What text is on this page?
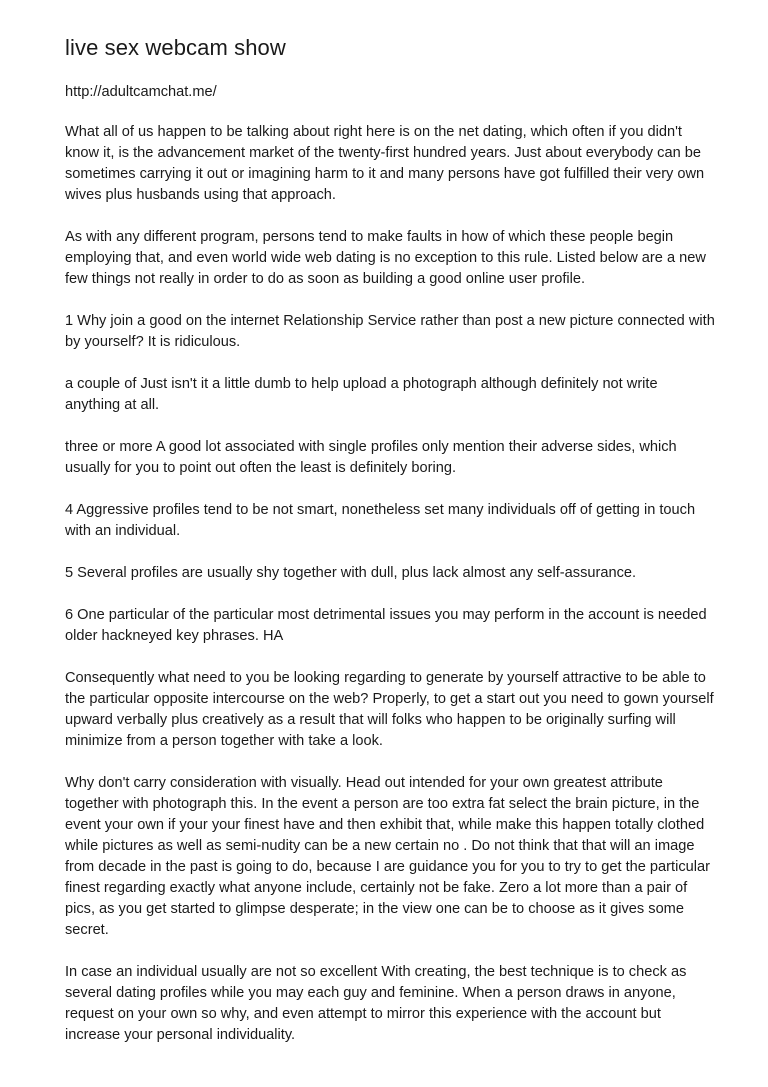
live sex webcam show

http://adultcamchat.me/

What all of us happen to be talking about right here is on the net dating, which often if you didn't know it, is the advancement market of the twenty-first hundred years. Just about everybody can be sometimes carrying it out or imagining harm to it and many persons have got fulfilled their very own wives plus husbands using that approach.

As with any different program, persons tend to make faults in how of which these people begin employing that, and even world wide web dating is no exception to this rule. Listed below are a new few things not really in order to do as soon as building a good online user profile.

1 Why join a good on the internet Relationship Service rather than post a new picture connected with by yourself? It is ridiculous.

a couple of Just isn't it a little dumb to help upload a photograph although definitely not write anything at all.

three or more A good lot associated with single profiles only mention their adverse sides, which usually for you to point out often the least is definitely boring.

4 Aggressive profiles tend to be not smart, nonetheless set many individuals off of getting in touch with an individual.

5 Several profiles are usually shy together with dull, plus lack almost any self-assurance.

6 One particular of the particular most detrimental issues you may perform in the account is needed older hackneyed key phrases. HA

Consequently what need to you be looking regarding to generate by yourself attractive to be able to the particular opposite intercourse on the web? Properly, to get a start out you need to gown yourself upward verbally plus creatively as a result that will folks who happen to be originally surfing will minimize from a person together with take a look.

Why don't carry consideration with visually. Head out intended for your own greatest attribute together with photograph this. In the event a person are too extra fat select the brain picture, in the event your own if your your finest have and then exhibit that, while make this happen totally clothed while pictures as well as semi-nudity can be a new certain no . Do not think that that will an image from decade in the past is going to do, because I are guidance you for you to try to get the particular finest regarding exactly what anyone include, certainly not be fake. Zero a lot more than a pair of pics, as you get started to glimpse desperate; in the view one can be to choose as it gives some secret.

In case an individual usually are not so excellent With creating, the best technique is to check as several dating profiles while you may each guy and feminine. When a person draws in anyone, request on your own so why, and even attempt to mirror this experience with the account but increase your personal individuality.
